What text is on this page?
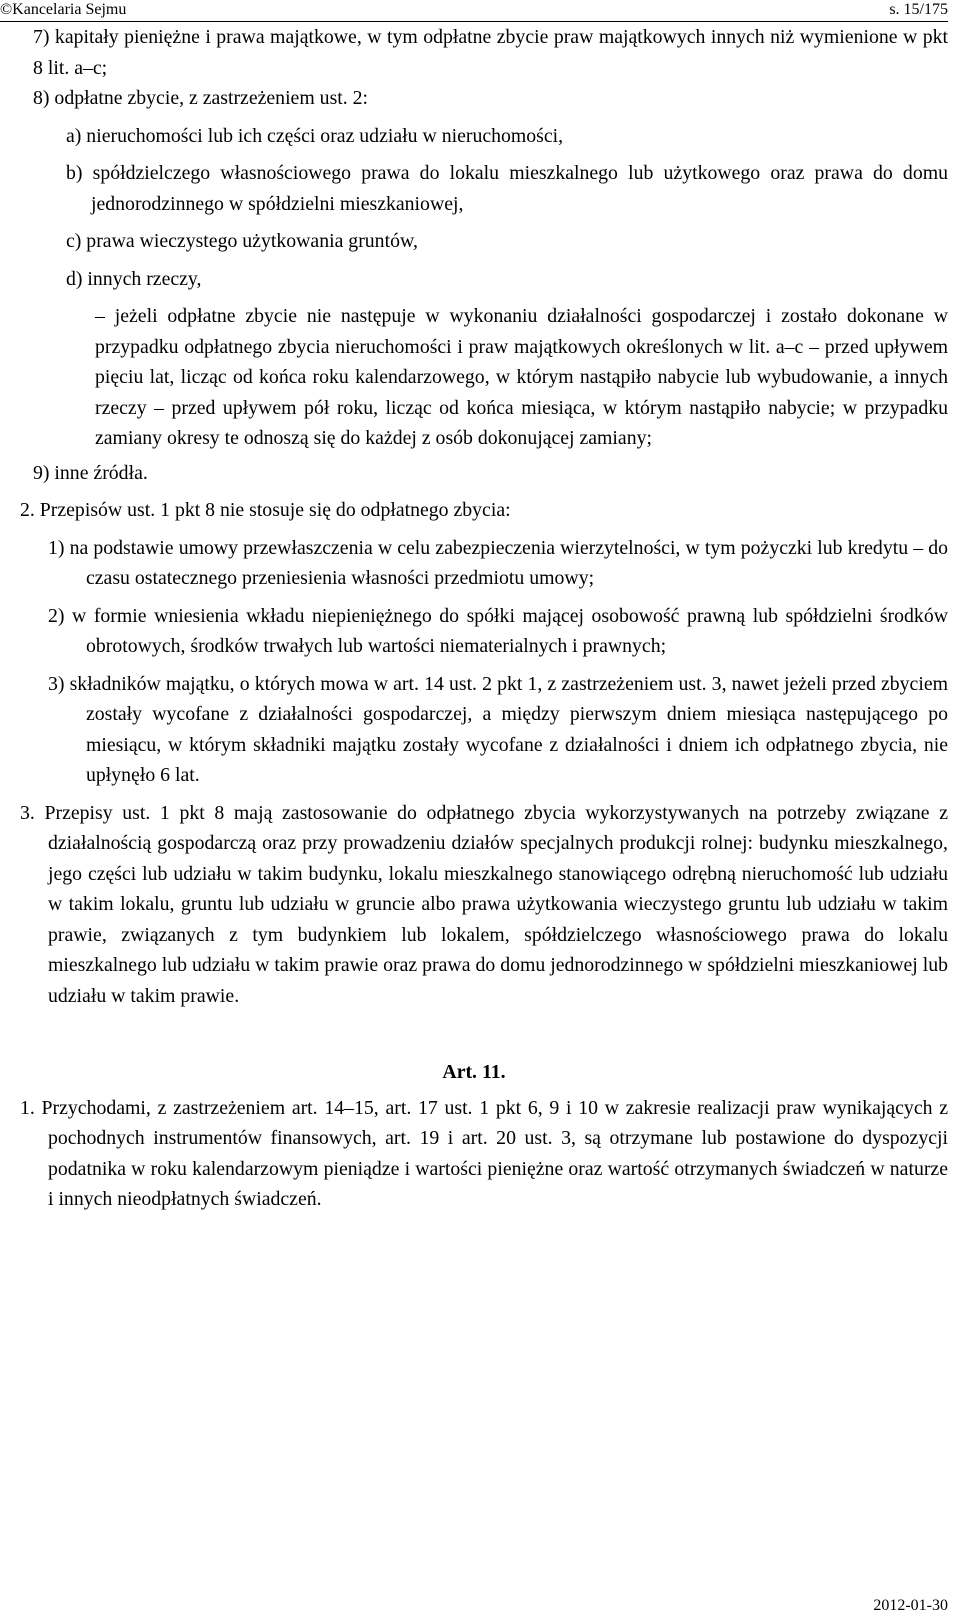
©Kancelaria Sejmu	s. 15/175
7) kapitały pieniężne i prawa majątkowe, w tym odpłatne zbycie praw majątkowych innych niż wymienione w pkt 8 lit. a–c;
8) odpłatne zbycie, z zastrzeżeniem ust. 2:
a) nieruchomości lub ich części oraz udziału w nieruchomości,
b) spółdzielczego własnościowego prawa do lokalu mieszkalnego lub użytkowego oraz prawa do domu jednorodzinnego w spółdzielni mieszkaniowej,
c) prawa wieczystego użytkowania gruntów,
d) innych rzeczy,
– jeżeli odpłatne zbycie nie następuje w wykonaniu działalności gospodarczej i zostało dokonane w przypadku odpłatnego zbycia nieruchomości i praw majątkowych określonych w lit. a–c – przed upływem pięciu lat, licząc od końca roku kalendarzowego, w którym nastąpiło nabycie lub wybudowanie, a innych rzeczy – przed upływem pół roku, licząc od końca miesiąca, w którym nastąpiło nabycie; w przypadku zamiany okresy te odnoszą się do każdej z osób dokonującej zamiany;
9) inne źródła.
2. Przepisów ust. 1 pkt 8 nie stosuje się do odpłatnego zbycia:
1) na podstawie umowy przewłaszczenia w celu zabezpieczenia wierzytelności, w tym pożyczki lub kredytu – do czasu ostatecznego przeniesienia własności przedmiotu umowy;
2) w formie wniesienia wkładu niepieniężnego do spółki mającej osobowość prawną lub spółdzielni środków obrotowych, środków trwałych lub wartości niematerialnych i prawnych;
3) składników majątku, o których mowa w art. 14 ust. 2 pkt 1, z zastrzeżeniem ust. 3, nawet jeżeli przed zbyciem zostały wycofane z działalności gospodarczej, a między pierwszym dniem miesiąca następującego po miesiącu, w którym składniki majątku zostały wycofane z działalności i dniem ich odpłatnego zbycia, nie upłynęło 6 lat.
3. Przepisy ust. 1 pkt 8 mają zastosowanie do odpłatnego zbycia wykorzystywanych na potrzeby związane z działalnością gospodarczą oraz przy prowadzeniu działów specjalnych produkcji rolnej: budynku mieszkalnego, jego części lub udziału w takim budynku, lokalu mieszkalnego stanowiącego odrębną nieruchomość lub udziału w takim lokalu, gruntu lub udziału w gruncie albo prawa użytkowania wieczystego gruntu lub udziału w takim prawie, związanych z tym budynkiem lub lokalem, spółdzielczego własnościowego prawa do lokalu mieszkalnego lub udziału w takim prawie oraz prawa do domu jednorodzinnego w spółdzielni mieszkaniowej lub udziału w takim prawie.
Art. 11.
1. Przychodami, z zastrzeżeniem art. 14–15, art. 17 ust. 1 pkt 6, 9 i 10 w zakresie realizacji praw wynikających z pochodnych instrumentów finansowych, art. 19 i art. 20 ust. 3, są otrzymane lub postawione do dyspozycji podatnika w roku kalendarzowym pieniądze i wartości pieniężne oraz wartość otrzymanych świadczeń w naturze i innych nieodpłatnych świadczeń.
2012-01-30
